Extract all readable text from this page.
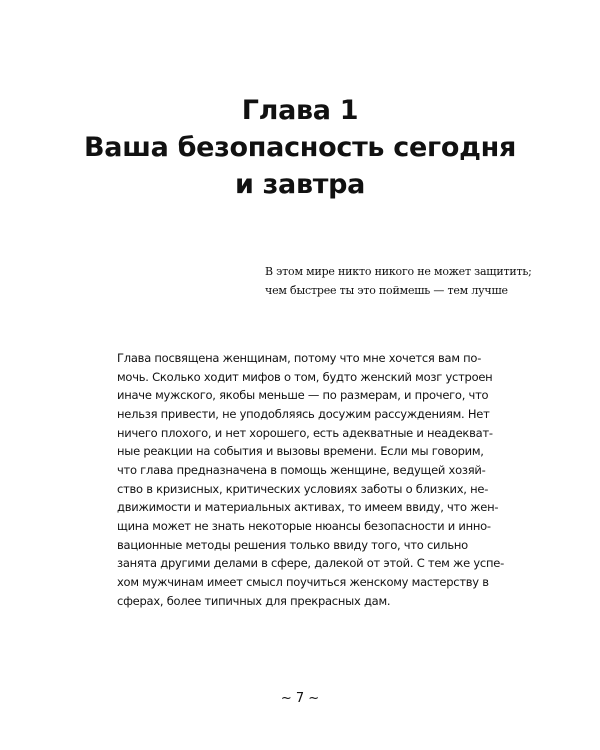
Глава 1
Ваша безопасность сегодня
и завтра
В этом мире никто никого не может защитить;
чем быстрее ты это поймешь — тем лучше
Глава посвящена женщинам, потому что мне хочется вам по-
мочь. Сколько ходит мифов о том, будто женский мозг устроен
иначе мужского, якобы меньше — по размерам, и прочего, что
нельзя привести, не уподобляясь досужим рассуждениям. Нет
ничего плохого, и нет хорошего, есть адекватные и неадекват-
ные реакции на события и вызовы времени. Если мы говорим,
что глава предназначена в помощь женщине, ведущей хозяй-
ство в кризисных, критических условиях заботы о близких, не-
движимости и материальных активах, то имеем ввиду, что жен-
щина может не знать некоторые нюансы безопасности и инно-
вационные методы решения только ввиду того, что сильно
занята другими делами в сфере, далекой от этой. С тем же успе-
хом мужчинам имеет смысл поучиться женскому мастерству в
сферах, более типичных для прекрасных дам.
~ 7 ~
